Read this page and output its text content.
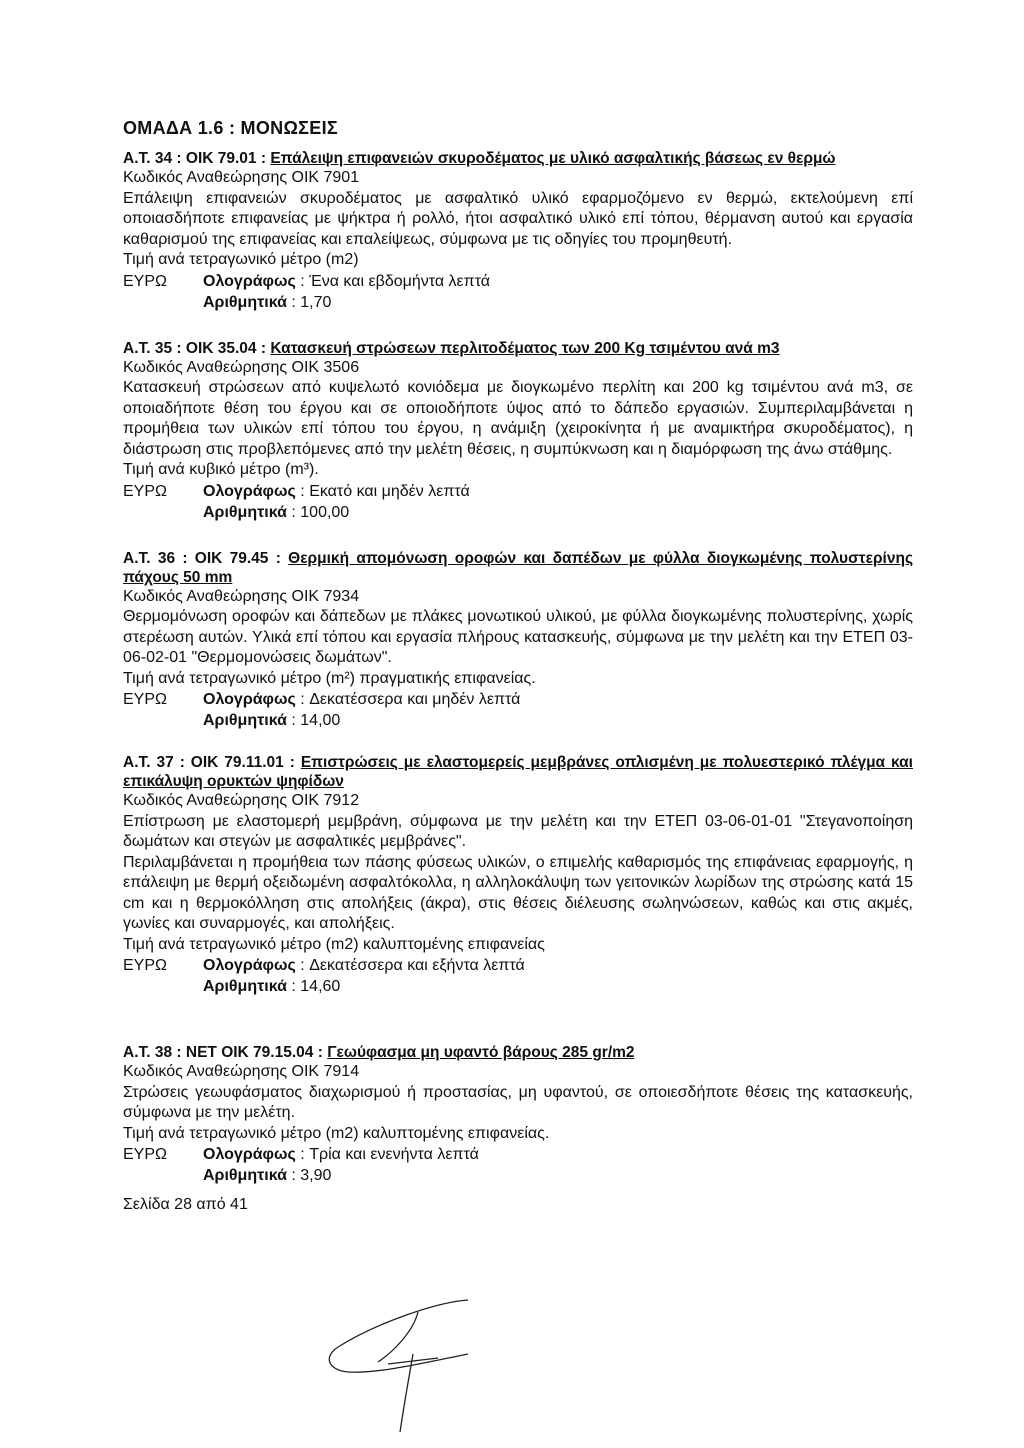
ΟΜΑΔΑ 1.6 : ΜΟΝΩΣΕΙΣ
Α.Τ. 34 : ΟΙΚ 79.01 : Επάλειψη επιφανειών σκυροδέματος με υλικό ασφαλτικής βάσεως εν θερμώ

Κωδικός Αναθεώρησης ΟΙΚ 7901

Επάλειψη επιφανειών σκυροδέματος με ασφαλτικό υλικό εφαρμοζόμενο εν θερμώ, εκτελούμενη επί οποιασδήποτε επιφανείας με ψήκτρα ή ρολλό, ήτοι ασφαλτικό υλικό επί τόπου, θέρμανση αυτού και εργασία καθαρισμού της επιφανείας και επαλείψεως, σύμφωνα με τις οδηγίες του προμηθευτή.

Τιμή ανά τετραγωνικό μέτρο (m2)

ΕΥΡΩ	Ολογράφως : Ένα και εβδομήντα λεπτά
Αριθμητικά : 1,70
Α.Τ. 35 : ΟΙΚ 35.04 : Κατασκευή στρώσεων περλιτοδέματος των 200 Kg τσιμέντου ανά m3

Κωδικός Αναθεώρησης ΟΙΚ 3506

Κατασκευή στρώσεων από κυψελωτό κονιόδεμα με διογκωμένο περλίτη και 200 kg τσιμέντου ανά m3, σε οποιαδήποτε θέση του έργου και σε οποιοδήποτε ύψος από το δάπεδο εργασιών. Συμπεριλαμβάνεται η προμήθεια των υλικών επί τόπου του έργου, η ανάμιξη (χειροκίνητα ή με αναμικτήρα σκυροδέματος), η διάστρωση στις προβλεπόμενες από την μελέτη θέσεις, η συμπύκνωση και η διαμόρφωση της άνω στάθμης.

Τιμή ανά κυβικό μέτρο (m³).

ΕΥΡΩ	Ολογράφως : Εκατό και μηδέν λεπτά
Αριθμητικά : 100,00
Α.Τ. 36 : ΟΙΚ 79.45 : Θερμική απομόνωση οροφών και δαπέδων με φύλλα διογκωμένης πολυστερίνης πάχους 50 mm

Κωδικός Αναθεώρησης ΟΙΚ 7934

Θερμομόνωση οροφών και δάπεδων με πλάκες μονωτικού υλικού, με φύλλα διογκωμένης πολυστερίνης, χωρίς στερέωση αυτών. Υλικά επί τόπου και εργασία πλήρους κατασκευής, σύμφωνα με την μελέτη και την ΕΤΕΠ 03-06-02-01 "Θερμομονώσεις δωμάτων".

Τιμή ανά τετραγωνικό μέτρο (m²) πραγματικής επιφανείας.

ΕΥΡΩ	Ολογράφως : Δεκατέσσερα και μηδέν λεπτά
Αριθμητικά : 14,00
Α.Τ. 37 : ΟΙΚ 79.11.01 : Επιστρώσεις με ελαστομερείς μεμβράνες οπλισμένη με πολυεστερικό πλέγμα και επικάλυψη ορυκτών ψηφίδων

Κωδικός Αναθεώρησης ΟΙΚ 7912

Επίστρωση με ελαστομερή μεμβράνη, σύμφωνα με την μελέτη και την ΕΤΕΠ 03-06-01-01 "Στεγανοποίηση δωμάτων και στεγών με ασφαλτικές μεμβράνες".

Περιλαμβάνεται η προμήθεια των πάσης φύσεως υλικών, ο επιμελής καθαρισμός της επιφάνειας εφαρμογής, η επάλειψη με θερμή οξειδωμένη ασφαλτόκολλα, η αλληλοκάλυψη των γειτονικών λωρίδων της στρώσης κατά 15 cm και η θερμοκόλληση στις απολήξεις (άκρα), στις θέσεις διέλευσης σωληνώσεων, καθώς και στις ακμές, γωνίες και συναρμογές, και απολήξεις.

Τιμή ανά τετραγωνικό μέτρο (m2) καλυπτομένης επιφανείας

ΕΥΡΩ	Ολογράφως : Δεκατέσσερα και εξήντα λεπτά
Αριθμητικά : 14,60
Α.Τ. 38 : ΝΕΤ ΟΙΚ 79.15.04 : Γεωύφασμα μη υφαντό βάρους 285 gr/m2

Κωδικός Αναθεώρησης ΟΙΚ 7914

Στρώσεις γεωυφάσματος διαχωρισμού ή προστασίας, μη υφαντού, σε οποιεσδήποτε θέσεις της κατασκευής, σύμφωνα με την μελέτη.

Τιμή ανά τετραγωνικό μέτρο (m2) καλυπτομένης επιφανείας.

ΕΥΡΩ	Ολογράφως : Τρία και ενενήντα λεπτά
Αριθμητικά : 3,90
Σελίδα 28 από 41
